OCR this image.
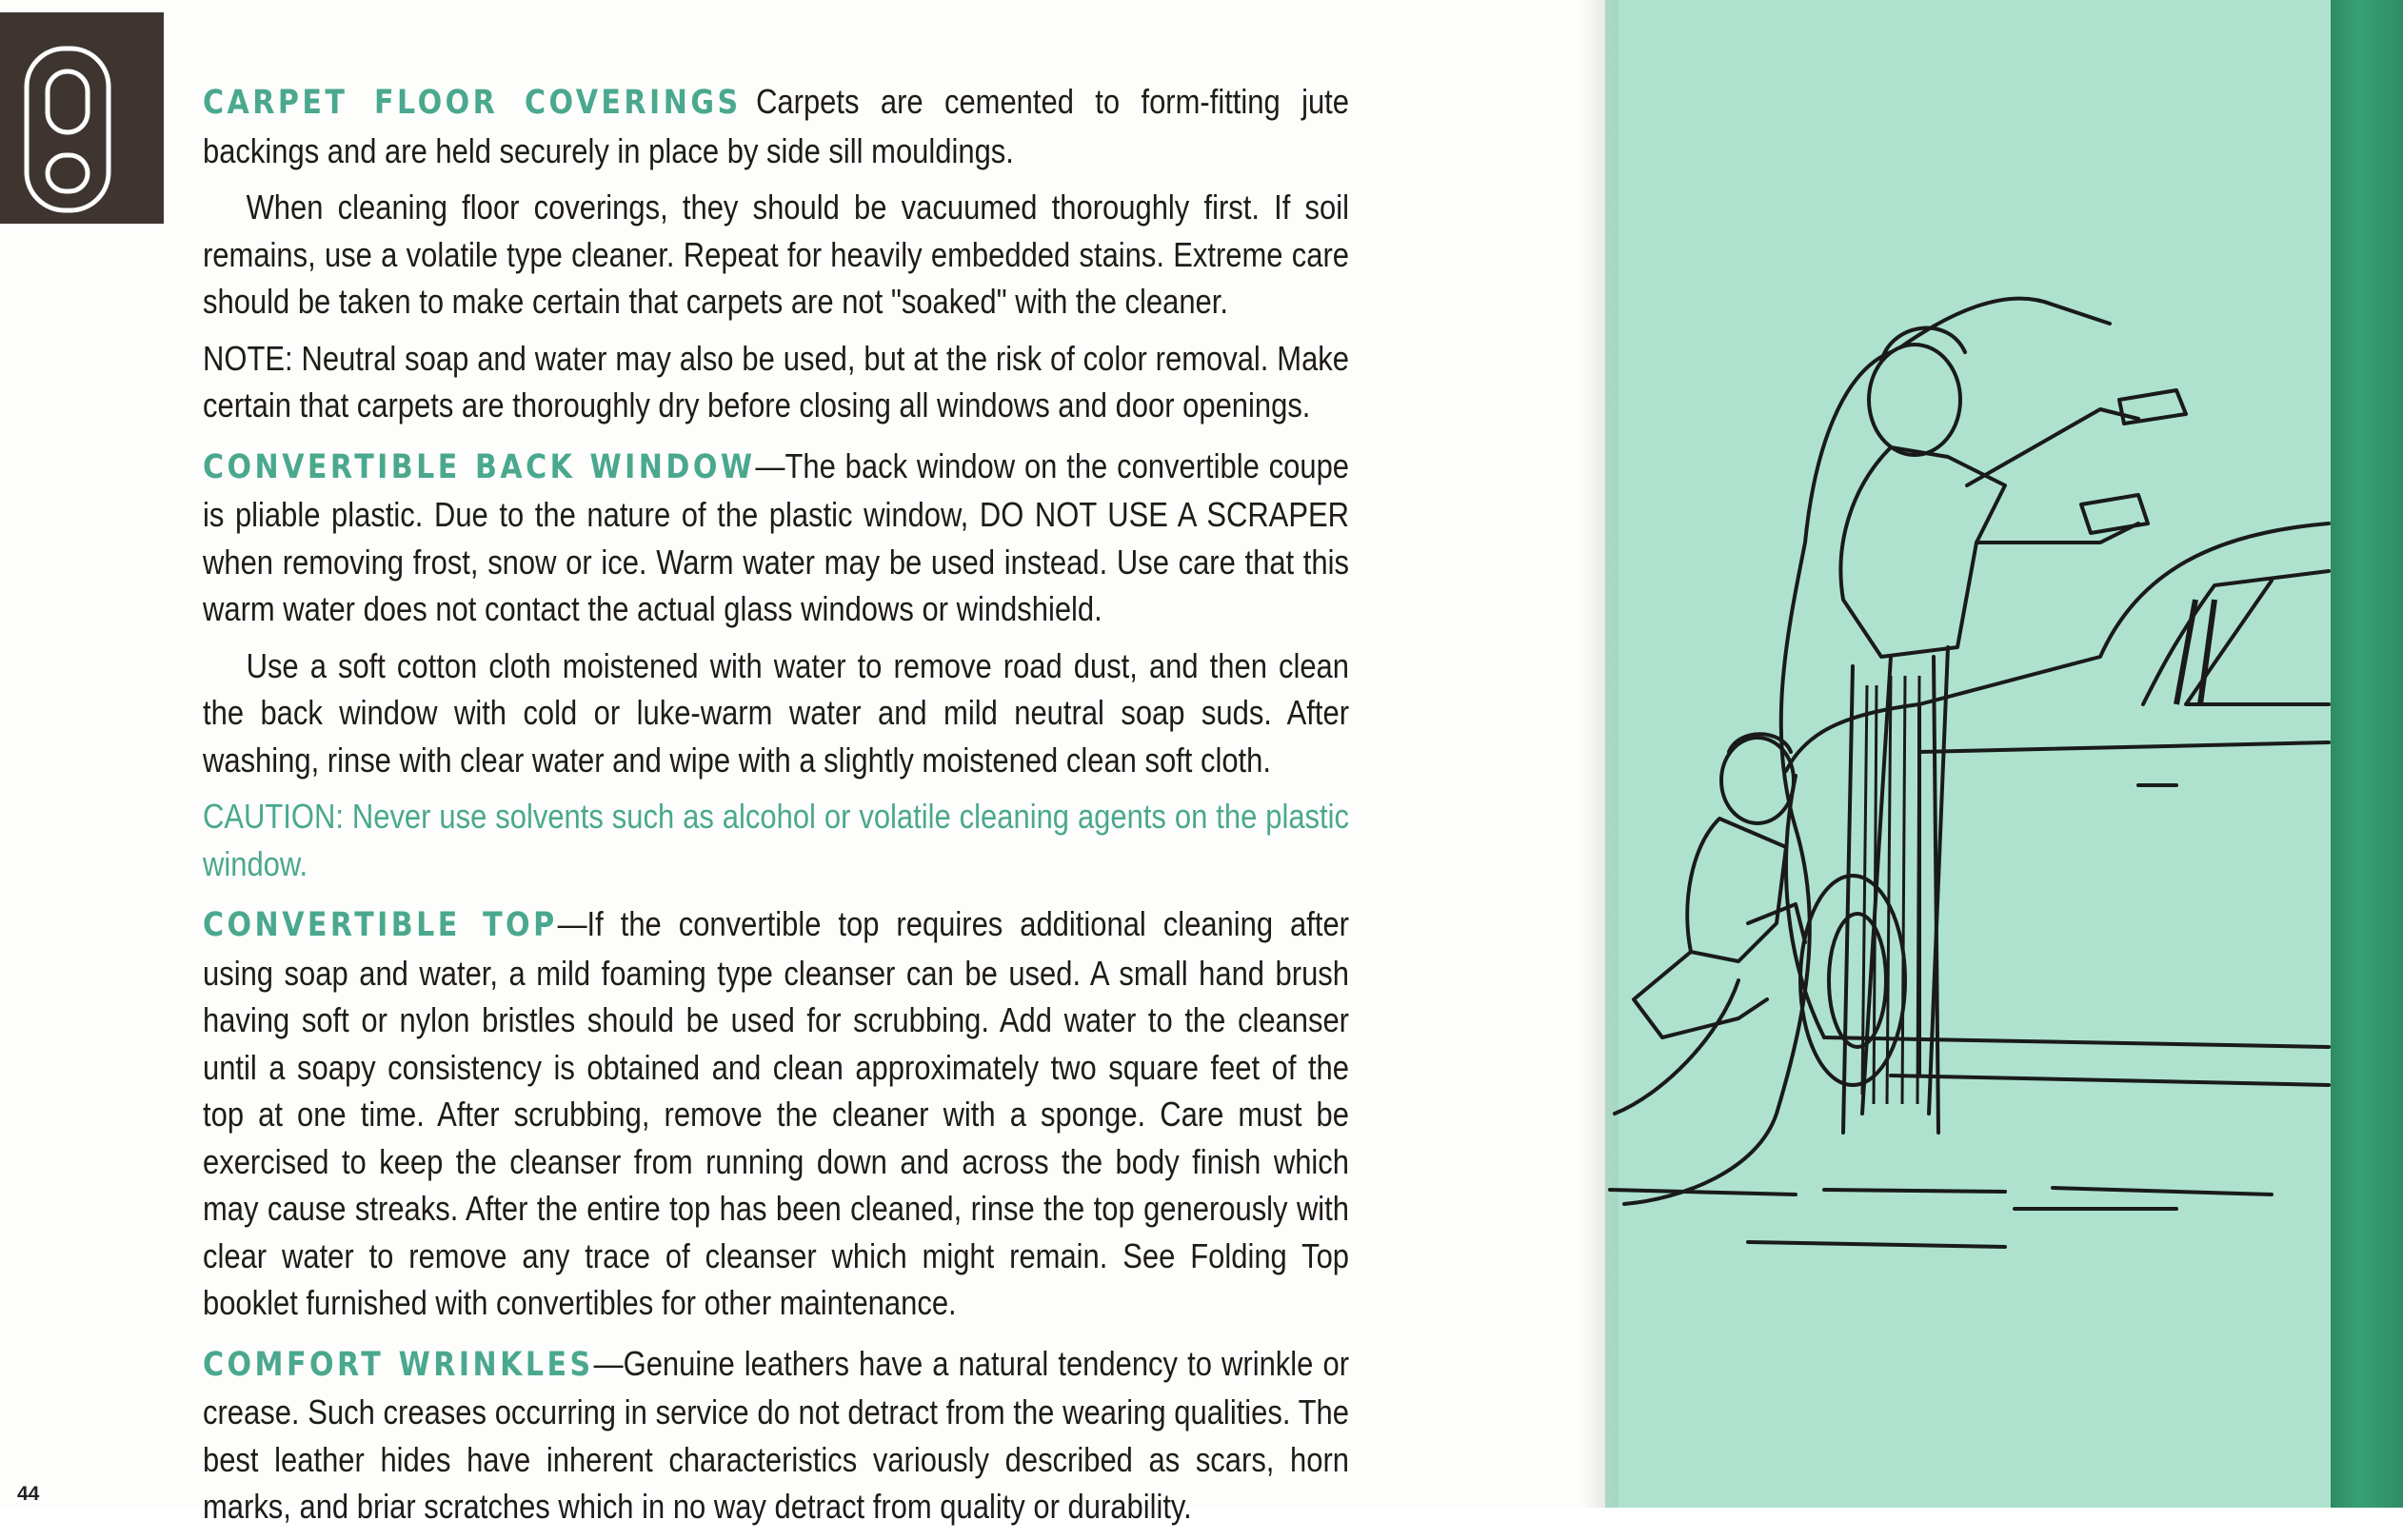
CARPET FLOOR COVERINGS Carpets are cemented to form-fitting jute backings and are held securely in place by side sill mouldings.

When cleaning floor coverings, they should be vacuumed thoroughly first. If soil remains, use a volatile type cleaner. Repeat for heavily embedded stains. Extreme care should be taken to make certain that carpets are not "soaked" with the cleaner.

NOTE: Neutral soap and water may also be used, but at the risk of color removal. Make certain that carpets are thoroughly dry before closing all windows and door openings.

CONVERTIBLE BACK WINDOW—The back window on the convertible coupe is pliable plastic. Due to the nature of the plastic window, DO NOT USE A SCRAPER when removing frost, snow or ice. Warm water may be used instead. Use care that this warm water does not contact the actual glass windows or windshield.

Use a soft cotton cloth moistened with water to remove road dust, and then clean the back window with cold or luke-warm water and mild neutral soap suds. After washing, rinse with clear water and wipe with a slightly moistened clean soft cloth.

CAUTION: Never use solvents such as alcohol or volatile cleaning agents on the plastic window.

CONVERTIBLE TOP—If the convertible top requires additional cleaning after using soap and water, a mild foaming type cleanser can be used. A small hand brush having soft or nylon bristles should be used for scrubbing. Add water to the cleanser until a soapy consistency is obtained and clean approximately two square feet of the top at one time. After scrubbing, remove the cleaner with a sponge. Care must be exercised to keep the cleanser from running down and across the body finish which may cause streaks. After the entire top has been cleaned, rinse the top generously with clear water to remove any trace of cleanser which might remain. See Folding Top booklet furnished with convertibles for other maintenance.

COMFORT WRINKLES—Genuine leathers have a natural tendency to wrinkle or crease. Such creases occurring in service do not detract from the wearing qualities. The best leather hides have inherent characteristics variously described as scars, horn marks, and briar scratches which in no way detract from quality or durability.

44
